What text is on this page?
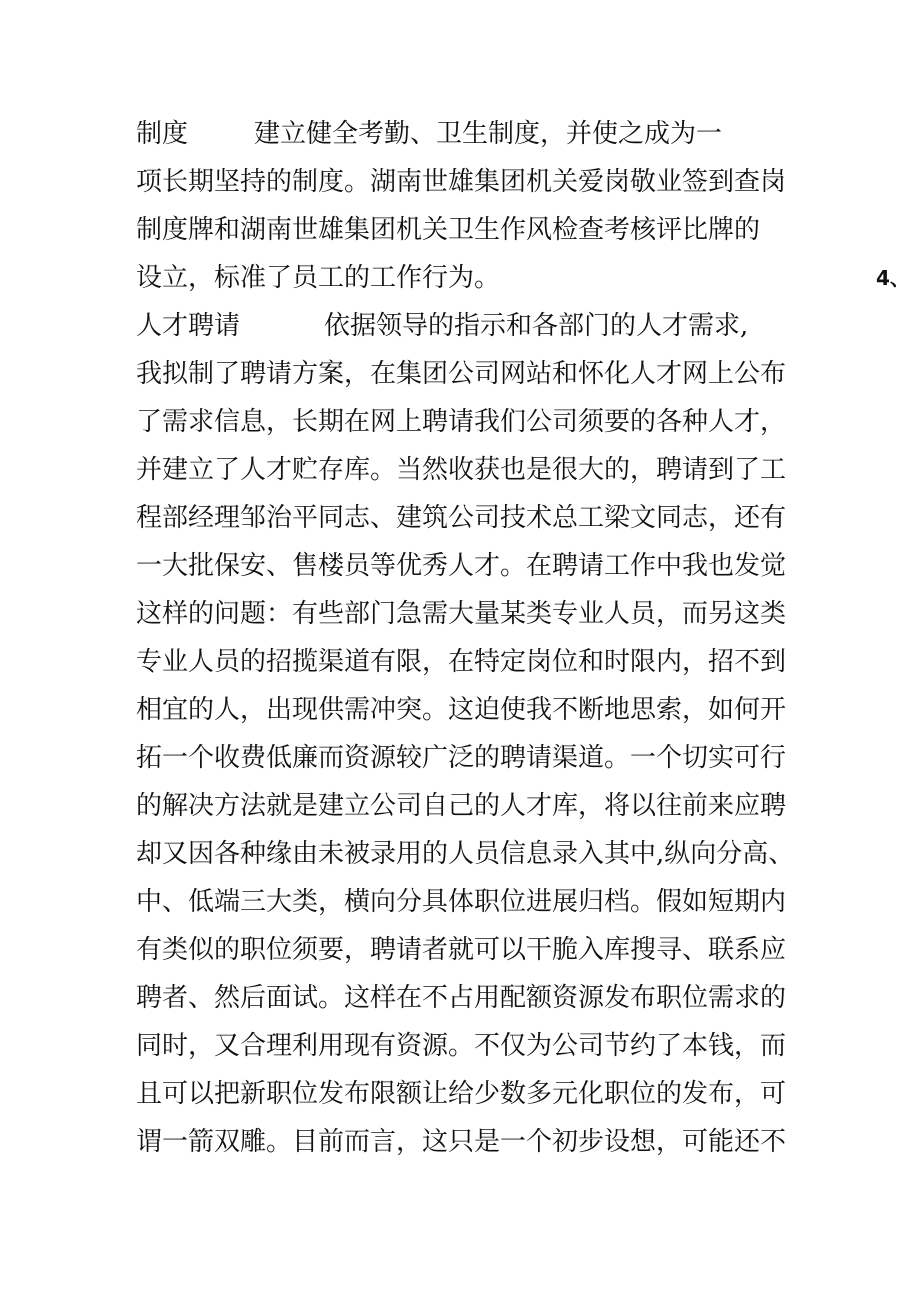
制度	建立健全考勤、卫生制度，并使之成为一
项长期坚持的制度。湖南世雄集团机关爱岗敬业签到查岗
制度牌和湖南世雄集团机关卫生作风检查考核评比牌的
设立，标准了员工的工作行为。	4、
人才聘请	依据领导的指示和各部门的人才需求,
我拟制了聘请方案，在集团公司网站和怀化人才网上公布
了需求信息，长期在网上聘请我们公司须要的各种人才，
并建立了人才贮存库。当然收获也是很大的，聘请到了工
程部经理邹治平同志、建筑公司技术总工梁文同志，还有
一大批保安、售楼员等优秀人才。在聘请工作中我也发觉
这样的问题：有些部门急需大量某类专业人员，而另这类
专业人员的招揽渠道有限，在特定岗位和时限内，招不到
相宜的人，出现供需冲突。这迫使我不断地思索，如何开
拓一个收费低廉而资源较广泛的聘请渠道。一个切实可行
的解决方法就是建立公司自己的人才库，将以往前来应聘
却又因各种缘由未被录用的人员信息录入其中,纵向分高、
中、低端三大类，横向分具体职位进展归档。假如短期内
有类似的职位须要，聘请者就可以干脆入库搜寻、联系应
聘者、然后面试。这样在不占用配额资源发布职位需求的
同时，又合理利用现有资源。不仅为公司节约了本钱，而
且可以把新职位发布限额让给少数多元化职位的发布，可
谓一箭双雕。目前而言，这只是一个初步设想，可能还不
